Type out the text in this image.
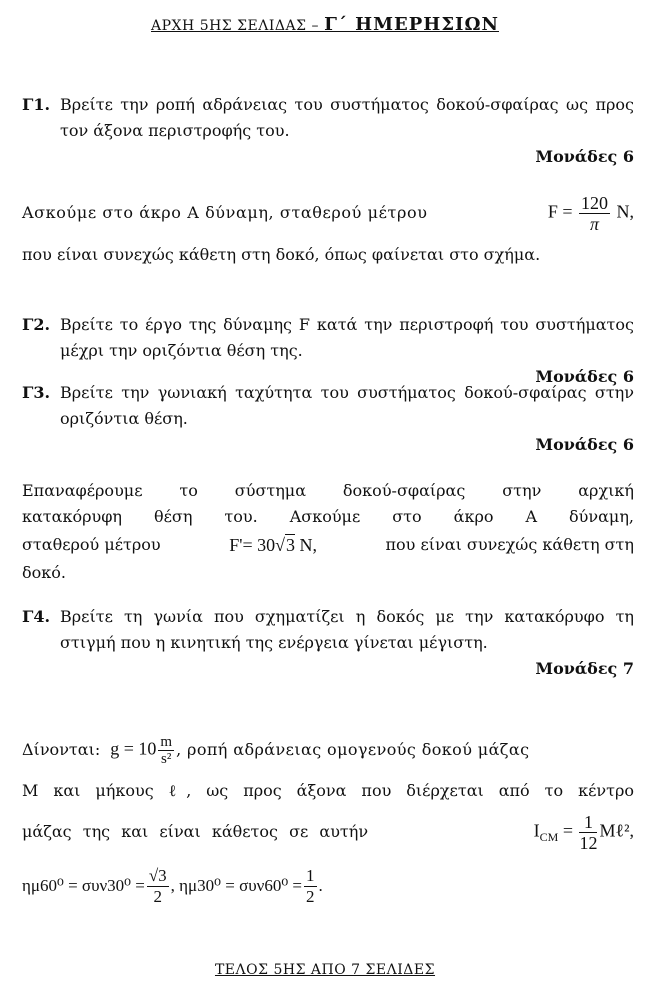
ΑΡΧΗ 5ΗΣ ΣΕΛΙΔΑΣ – Γ΄ ΗΜΕΡΗΣΙΩΝ
Γ1. Βρείτε την ροπή αδράνειας του συστήματος δοκού-σφαίρας ως προς τον άξονα περιστροφής του.
Μονάδες 6
Ασκούμε στο άκρο Α δύναμη, σταθερού μέτρου	$F = \frac{120}{\pi} N$,
που είναι συνεχώς κάθετη στη δοκό, όπως φαίνεται στο σχήμα.
Γ2. Βρείτε το έργο της δύναμης F κατά την περιστροφή του συστήματος μέχρι την οριζόντια θέση της.
Μονάδες 6
Γ3. Βρείτε την γωνιακή ταχύτητα του συστήματος δοκού-σφαίρας στην οριζόντια θέση.
Μονάδες 6
Επαναφέρουμε το σύστημα δοκού-σφαίρας στην αρχική
κατακόρυφη θέση του. Ασκούμε στο άκρο Α δύναμη,
σταθερού μέτρου	F'= 30√3 N,	που είναι συνεχώς κάθετη στη
δοκό.
Γ4. Βρείτε τη γωνία που σχηματίζει η δοκός με την κατακόρυφο τη στιγμή που η κινητική της ενέργεια γίνεται μέγιστη.
Μονάδες 7
Δίνονται: $g = 10 \frac{m}{\text{s²}}$ , ροπή αδράνειας ομογενούς δοκού μάζας
Μ και μήκους ℓ, ως προς άξονα που διέρχεται από το κέντρο
μάζας της και είναι κάθετος σε αυτήν	$I_{CM} = \frac{1}{12}$ Mℓ²,
$\eta\mu 60^0 = \sigma\upsilon\nu 30^0 = \frac{√3}{2}$ , $\eta\mu 30^0 = \sigma\upsilon\nu 60^0 = \frac{1}{2}$ .
ΤΕΛΟΣ 5ΗΣ ΑΠΟ 7 ΣΕΛΙΔΕΣ
